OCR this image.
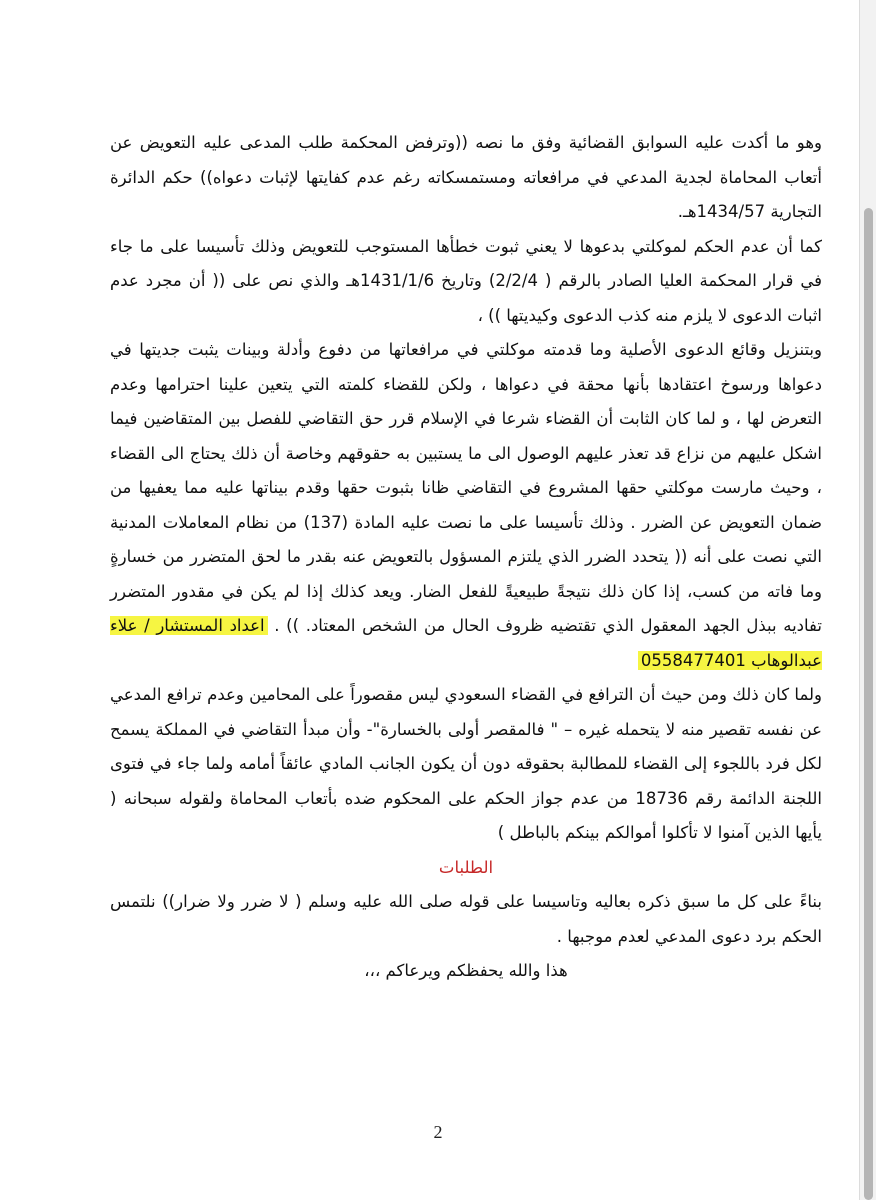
وهو ما أكدت عليه السوابق القضائية وفق ما نصه ((وترفض المحكمة طلب المدعى عليه التعويض عن أتعاب المحاماة لجدية المدعي في مرافعاته ومستمسكاته رغم عدم كفايتها لإثبات دعواه)) حكم الدائرة التجارية 1434/57هـ.

كما أن عدم الحكم لموكلتي بدعوها لا يعني ثبوت خطأها المستوجب للتعويض وذلك تأسيسا على ما جاء في قرار المحكمة العليا الصادر بالرقم ( 2/2/4) وتاريخ 1431/1/6هـ والذي نص على (( أن مجرد عدم اثبات الدعوى لا يلزم منه كذب الدعوى وكيديتها )) ،

وبتنزيل وقائع الدعوى الأصلية وما قدمته موكلتي في مرافعاتها من دفوع وأدلة وبينات يثبت جديتها في دعواها ورسوخ اعتقادها بأنها محقة في دعواها ، ولكن للقضاء كلمته التي يتعين علينا احترامها وعدم التعرض لها ، و لما كان الثابت أن القضاء شرعا في الإسلام قرر حق التقاضي للفصل بين المتقاضين فيما اشكل عليهم من نزاع قد تعذر عليهم الوصول الى ما يستبين به حقوقهم وخاصة أن ذلك يحتاج الى القضاء ، وحيث مارست موكلتي حقها المشروع في التقاضي ظانا بثبوت حقها وقدم بيناتها عليه مما يعفيها من ضمان التعويض عن الضرر . وذلك تأسيسا على ما نصت عليه المادة (137) من نظام المعاملات المدنية التي نصت على أنه (( يتحدد الضرر الذي يلتزم المسؤول بالتعويض عنه بقدر ما لحق المتضرر من خسارةٍ وما فاته من كسب، إذا كان ذلك نتيجةً طبيعيةً للفعل الضار. ويعد كذلك إذا لم يكن في مقدور المتضرر تفاديه ببذل الجهد المعقول الذي تقتضيه ظروف الحال من الشخص المعتاد. )) . اعداد المستشار / علاء عبدالوهاب 0558477401

ولما كان ذلك ومن حيث أن الترافع في القضاء السعودي ليس مقصوراً على المحامين وعدم ترافع المدعي عن نفسه تقصير منه لا يتحمله غيره – " فالمقصر أولى بالخسارة"- وأن مبدأ التقاضي في المملكة يسمح لكل فرد باللجوء إلى القضاء للمطالبة بحقوقه دون أن يكون الجانب المادي عائقاً أمامه ولما جاء في فتوى اللجنة الدائمة رقم 18736 من عدم جواز الحكم على المحكوم ضده بأتعاب المحاماة ولقوله سبحانه ( يأيها الذين آمنوا لا تأكلوا أموالكم بينكم بالباطل )

الطلبات

بناءً على كل ما سبق ذكره بعاليه وتاسيسا على قوله صلى الله عليه وسلم ( لا ضرر ولا ضرار)) نلتمس الحكم برد دعوى المدعي لعدم موجبها .

هذا والله يحفظكم ويرعاكم ،،،

2
